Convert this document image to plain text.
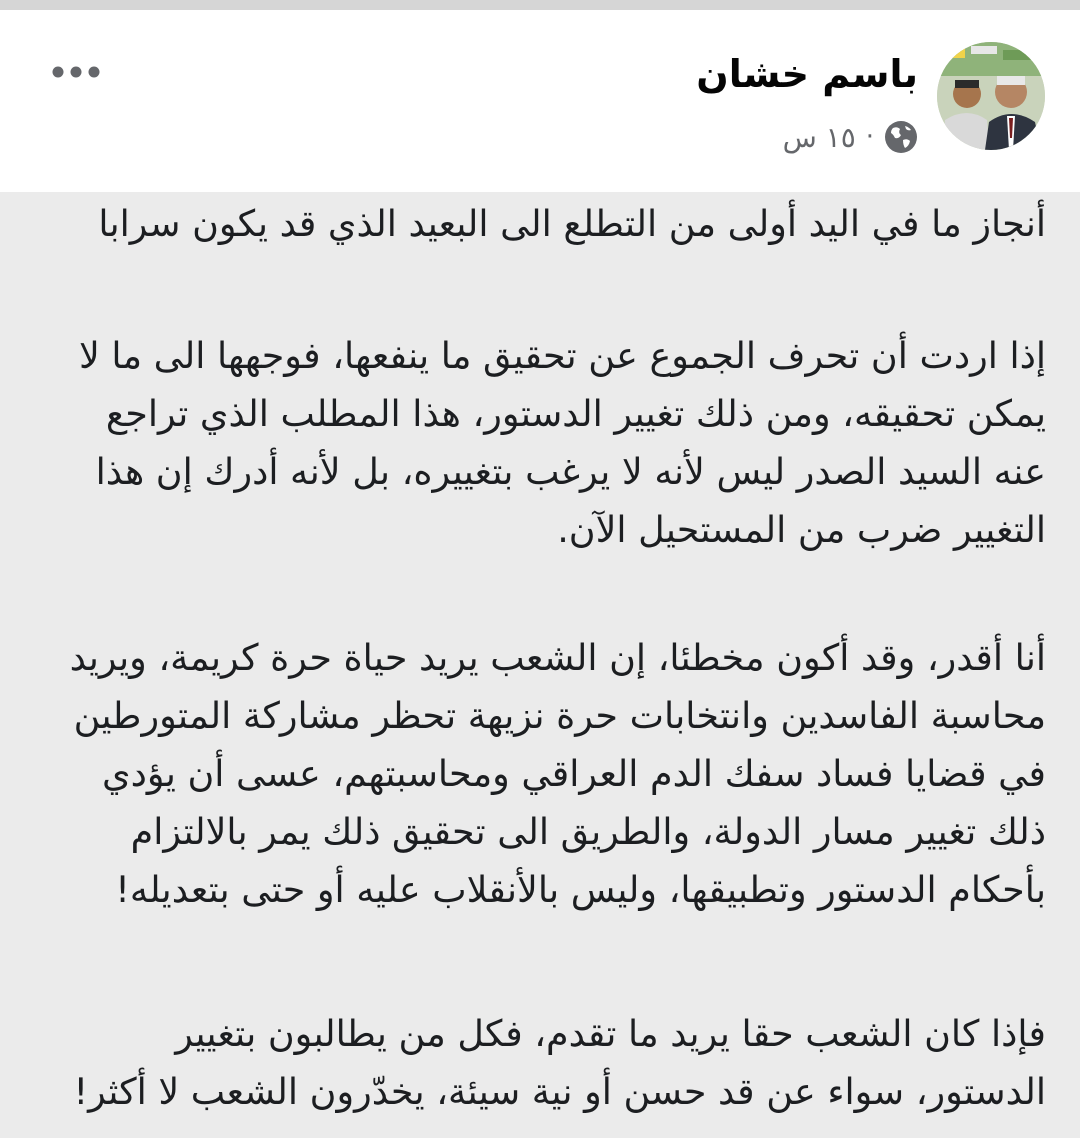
باسم خشان
١٥ س ·

أنجاز ما في اليد أولى من التطلع الى البعيد الذي قد يكون سرابا

إذا اردت أن تحرف الجموع عن تحقيق ما ينفعها، فوجهها الى ما لا
يمكن تحقيقه، ومن ذلك تغيير الدستور، هذا المطلب الذي تراجع
عنه السيد الصدر ليس لأنه لا يرغب بتغييره، بل لأنه أدرك إن هذا
التغيير ضرب من المستحيل الآن.

أنا أقدر، وقد أكون مخطئا، إن الشعب يريد حياة حرة كريمة، ويريد
محاسبة الفاسدين وانتخابات حرة نزيهة تحظر مشاركة المتورطين
في قضايا فساد سفك الدم العراقي ومحاسبتهم، عسى أن يؤدي
ذلك تغيير مسار الدولة، والطريق الى تحقيق ذلك يمر بالالتزام
بأحكام الدستور وتطبيقها، وليس بالأنقلاب عليه أو حتى بتعديله!

فإذا كان الشعب حقا يريد ما تقدم، فكل من يطالبون بتغيير
الدستور، سواء عن قد حسن أو نية سيئة، يخدّرون الشعب لا أكثر!
